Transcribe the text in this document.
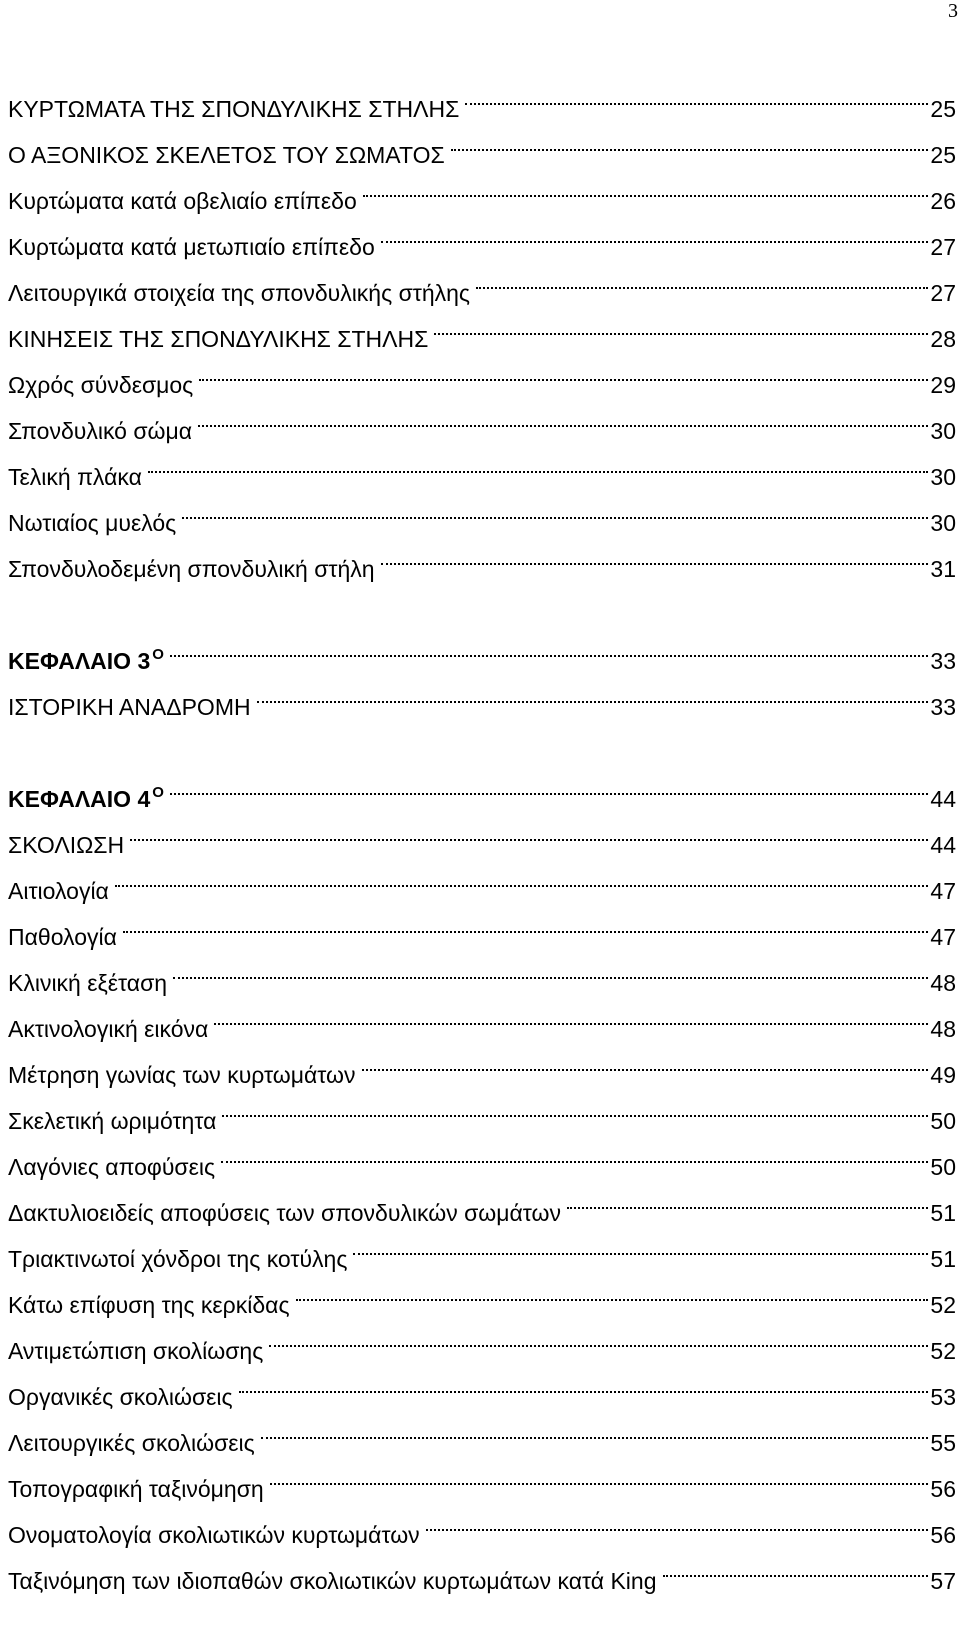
3
ΚΥΡΤΩΜΑΤΑ ΤΗΣ ΣΠΟΝΔΥΛΙΚΗΣ ΣΤΗΛΗΣ	25
Ο ΑΞΟΝΙΚΟΣ ΣΚΕΛΕΤΟΣ ΤΟΥ ΣΩΜΑΤΟΣ	25
Κυρτώματα κατά οβελιαίο επίπεδο	26
Κυρτώματα κατά μετωπιαίο επίπεδο	27
Λειτουργικά στοιχεία της σπονδυλικής στήλης	27
ΚΙΝΗΣΕΙΣ ΤΗΣ ΣΠΟΝΔΥΛΙΚΗΣ ΣΤΗΛΗΣ	28
Ωχρός σύνδεσμος	29
Σπονδυλικό σώμα	30
Τελική πλάκα	30
Νωτιαίος μυελός	30
Σπονδυλοδεμένη σπονδυλική στήλη	31
ΚΕΦΑΛΑΙΟ 3 $^O$	33
ΙΣΤΟΡΙΚΗ ΑΝΑΔΡΟΜΗ	33
ΚΕΦΑΛΑΙΟ 4 $^O$	44
ΣΚΟΛΙΩΣΗ	44
Αιτιολογία	47
Παθολογία	47
Κλινική εξέταση	48
Ακτινολογική εικόνα	48
Μέτρηση γωνίας των κυρτωμάτων	49
Σκελετική ωριμότητα	50
Λαγόνιες αποφύσεις	50
Δακτυλιοειδείς αποφύσεις των σπονδυλικών σωμάτων	51
Τριακτινωτοί χόνδροι της κοτύλης	51
Κάτω επίφυση της κερκίδας	52
Αντιμετώπιση σκολίωσης	52
Οργανικές σκολιώσεις	53
Λειτουργικές σκολιώσεις	55
Τοπογραφική ταξινόμηση	56
Ονοματολογία σκολιωτικών κυρτωμάτων	56
Ταξινόμηση των ιδιοπαθών σκολιωτικών κυρτωμάτων κατά King	57
